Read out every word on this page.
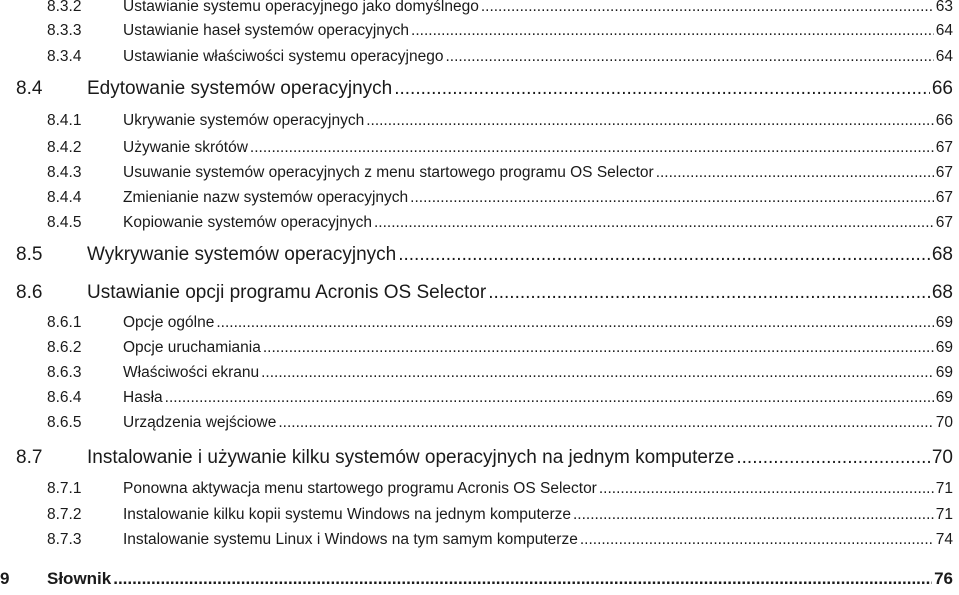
8.3.2	Ustawianie systemu operacyjnego jako domyślnego .....	63
8.3.3	Ustawianie haseł systemów operacyjnych .....	64
8.3.4	Ustawianie właściwości systemu operacyjnego .....	64
8.4 Edytowanie systemów operacyjnych .....	66
8.4.1	Ukrywanie systemów operacyjnych .....	66
8.4.2	Używanie skrótów .....	67
8.4.3	Usuwanie systemów operacyjnych z menu startowego programu OS Selector .....	67
8.4.4	Zmienianie nazw systemów operacyjnych .....	67
8.4.5	Kopiowanie systemów operacyjnych .....	67
8.5 Wykrywanie systemów operacyjnych .....	68
8.6 Ustawianie opcji programu Acronis OS Selector .....	68
8.6.1	Opcje ogólne .....	69
8.6.2	Opcje uruchamiania .....	69
8.6.3	Właściwości ekranu .....	69
8.6.4	Hasła .....	69
8.6.5	Urządzenia wejściowe .....	70
8.7 Instalowanie i używanie kilku systemów operacyjnych na jednym komputerze .....	70
8.7.1	Ponowna aktywacja menu startowego programu Acronis OS Selector .....	71
8.7.2	Instalowanie kilku kopii systemu Windows na jednym komputerze .....	71
8.7.3	Instalowanie systemu Linux i Windows na tym samym komputerze .....	74
9 Słownik .....	76
